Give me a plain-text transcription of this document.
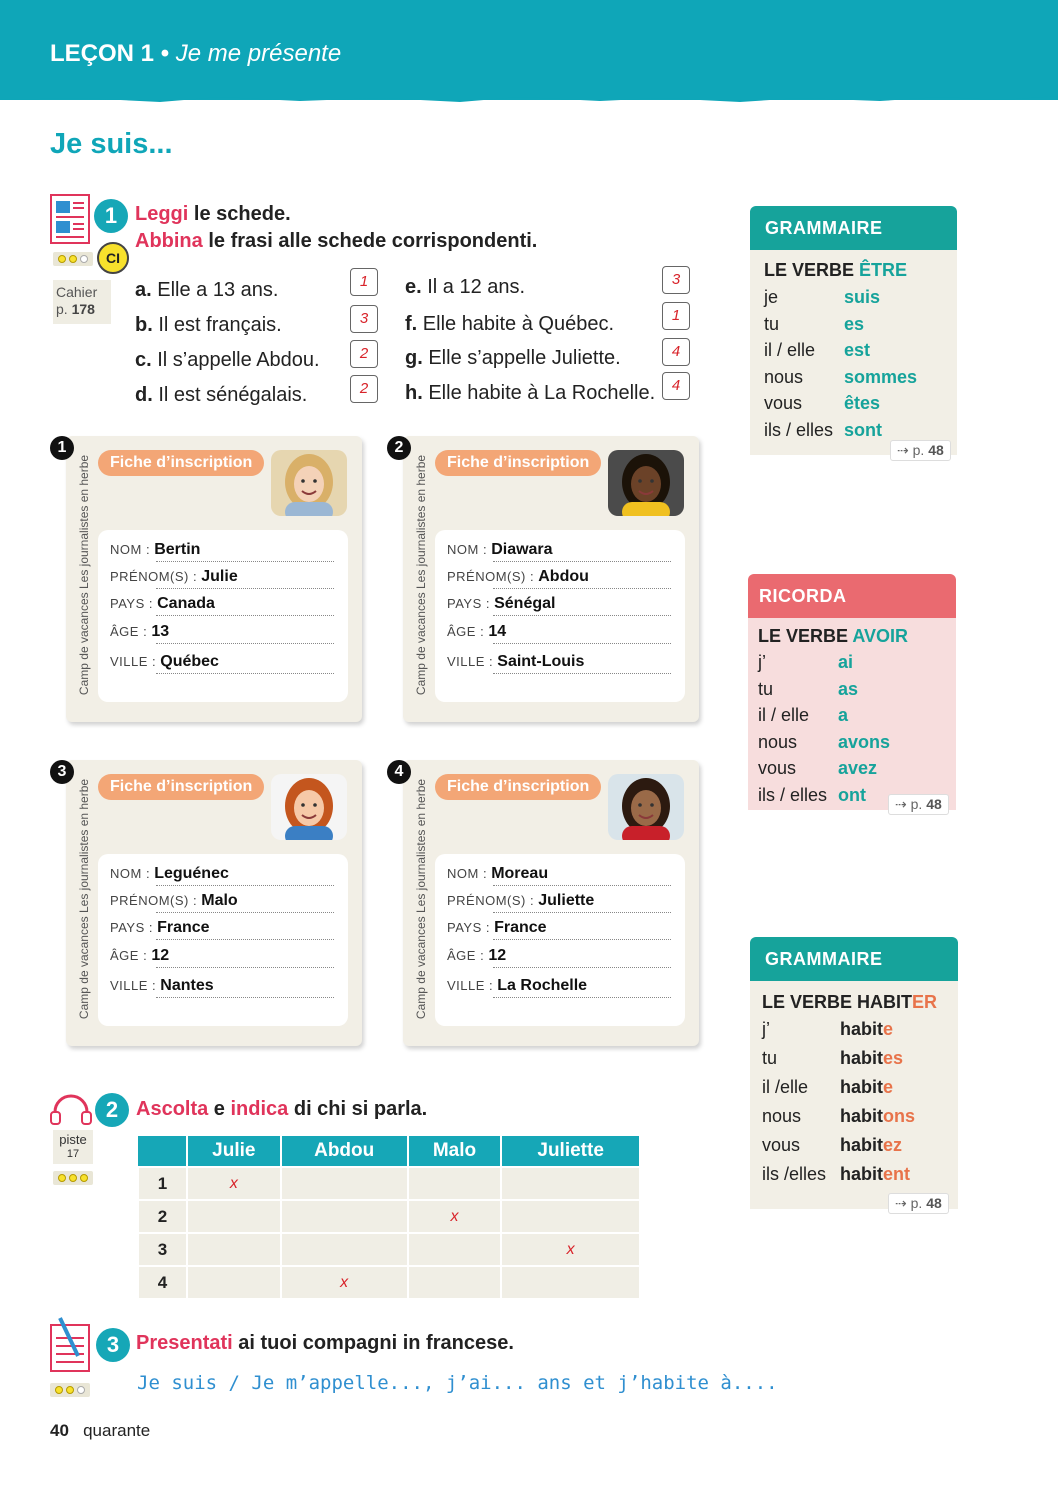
LEÇON 1 • Je me présente
Je suis...
1
CI
Leggi le schede.
Abbina le frasi alle schede corrispondenti.
Cahier
p. 178
a. Elle a 13 ans.	1
b. Il est français.	3
c. Il s’appelle Abdou.	2
d. Il est sénégalais.	2
e. Il a 12 ans.	3
f. Elle habite à Québec.	1
g. Elle s’appelle Juliette.	4
h. Elle habite à La Rochelle.	4
1
Camp de vacances Les journalistes en herbe	Fiche d’inscription
NOM : Bertin
PRÉNOM(S) : Julie
PAYS : Canada
ÂGE : 13
VILLE : Québec
2
Camp de vacances Les journalistes en herbe	Fiche d’inscription
NOM : Diawara
PRÉNOM(S) : Abdou
PAYS : Sénégal
ÂGE : 14
VILLE : Saint-Louis
3
Camp de vacances Les journalistes en herbe	Fiche d’inscription
NOM : Leguénec
PRÉNOM(S) : Malo
PAYS : France
ÂGE : 12
VILLE : Nantes
4
Camp de vacances Les journalistes en herbe	Fiche d’inscription
NOM : Moreau
PRÉNOM(S) : Juliette
PAYS : France
ÂGE : 12
VILLE : La Rochelle
GRAMMAIRE
LE VERBE ÊTRE
je	suis
tu	es
il / elle est
nous sommes
vous êtes
ils / elles sont
⇢ p. 48
RICORDA
LE VERBE AVOIR
j’	ai
tu	as
il / elle a
nous avons
vous avez
ils / elles ont	⇢ p. 48
GRAMMAIRE
LE VERBE HABITER
j’	habite
tu	habites
il /elle habite
nous habitons
vous habitez
ils /elles habitent
⇢ p. 48
piste
17
2 Ascolta e indica di chi si parla.
	Julie	Abdou	Malo	Juliette
1	x			
2			x	
3				x
4		x		
3 Presentati ai tuoi compagni in francese.
Je suis / Je m’appelle..., j’ai... ans et j’habite à....
40 quarante
